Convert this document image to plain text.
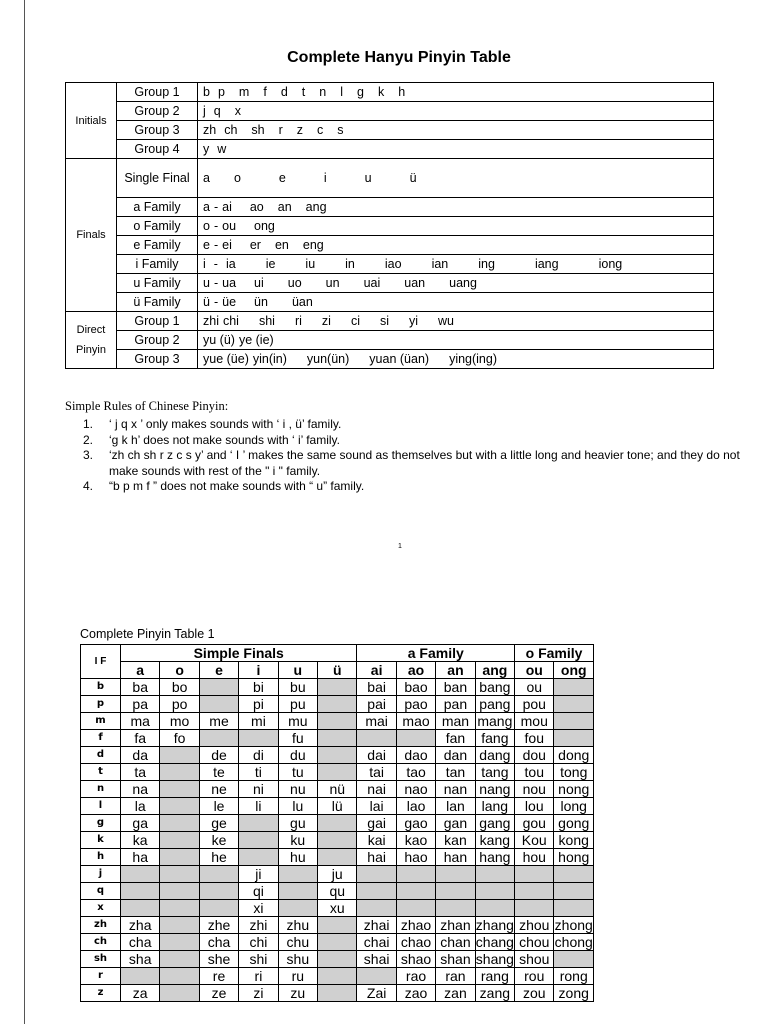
Complete Hanyu Pinyin Table
Initials	Group 1	b p m f d t n l g k h
	Group 2	j q x
	Group 3	zh ch sh r z c s
	Group 4	y w
Finals	Single Final	a o e i u ü
	a Family	a - ai ao an ang
	o Family	o - ou ong
	e Family	e - ei er en eng
	i Family	i - ia ie iu in iao ian ing iang iong
	u Family	u - ua ui uo un uai uan uang
	ü Family	ü - üe ün üan
Direct Pinyin	Group 1	zhi chi shi ri zi ci si yi wu
	Group 2	yu (ü) ye (ie)
	Group 3	yue (üe) yin(in) yun(ün) yuan (üan) ying(ing)
Simple Rules of Chinese Pinyin:
1. ‘ j q x ’ only makes sounds with ‘ i , ü’ family.
2. ‘g k h’ does not make sounds with ‘ i’ family.
3. ‘zh ch sh r z c s y’ and ‘ I ’ makes the same sound as themselves but with a little long and heavier tone; and they do not make sounds with rest of the " i " family.
4. “b p m f ” does not make sounds with “ u” family.
1
Complete Pinyin Table 1
I F	Simple Finals						a Family				o Family	
	a	o	e	i	u	ü	ai	ao	an	ang	ou	ong
b	ba	bo		bi	bu		bai	bao	ban	bang	ou	
p	pa	po		pi	pu		pai	pao	pan	pang	pou	
m	ma	mo	me	mi	mu		mai	mao	man	mang	mou	
f	fa	fo			fu				fan	fang	fou	
d	da		de	di	du		dai	dao	dan	dang	dou	dong
t	ta		te	ti	tu		tai	tao	tan	tang	tou	tong
n	na		ne	ni	nu	nü	nai	nao	nan	nang	nou	nong
l	la		le	li	lu	lü	lai	lao	lan	lang	lou	long
g	ga		ge		gu		gai	gao	gan	gang	gou	gong
k	ka		ke		ku		kai	kao	kan	kang	Kou	kong
h	ha		he		hu		hai	hao	han	hang	hou	hong
j				ji		ju						
q				qi		qu						
x				xi		xu						
zh	zha		zhe	zhi	zhu		zhai	zhao	zhan	zhang	zhou	zhong
ch	cha		cha	chi	chu		chai	chao	chan	chang	chou	chong
sh	sha		she	shi	shu		shai	shao	shan	shang	shou	
r			re	ri	ru			rao	ran	rang	rou	rong
z	za		ze	zi	zu		Zai	zao	zan	zang	zou	zong
